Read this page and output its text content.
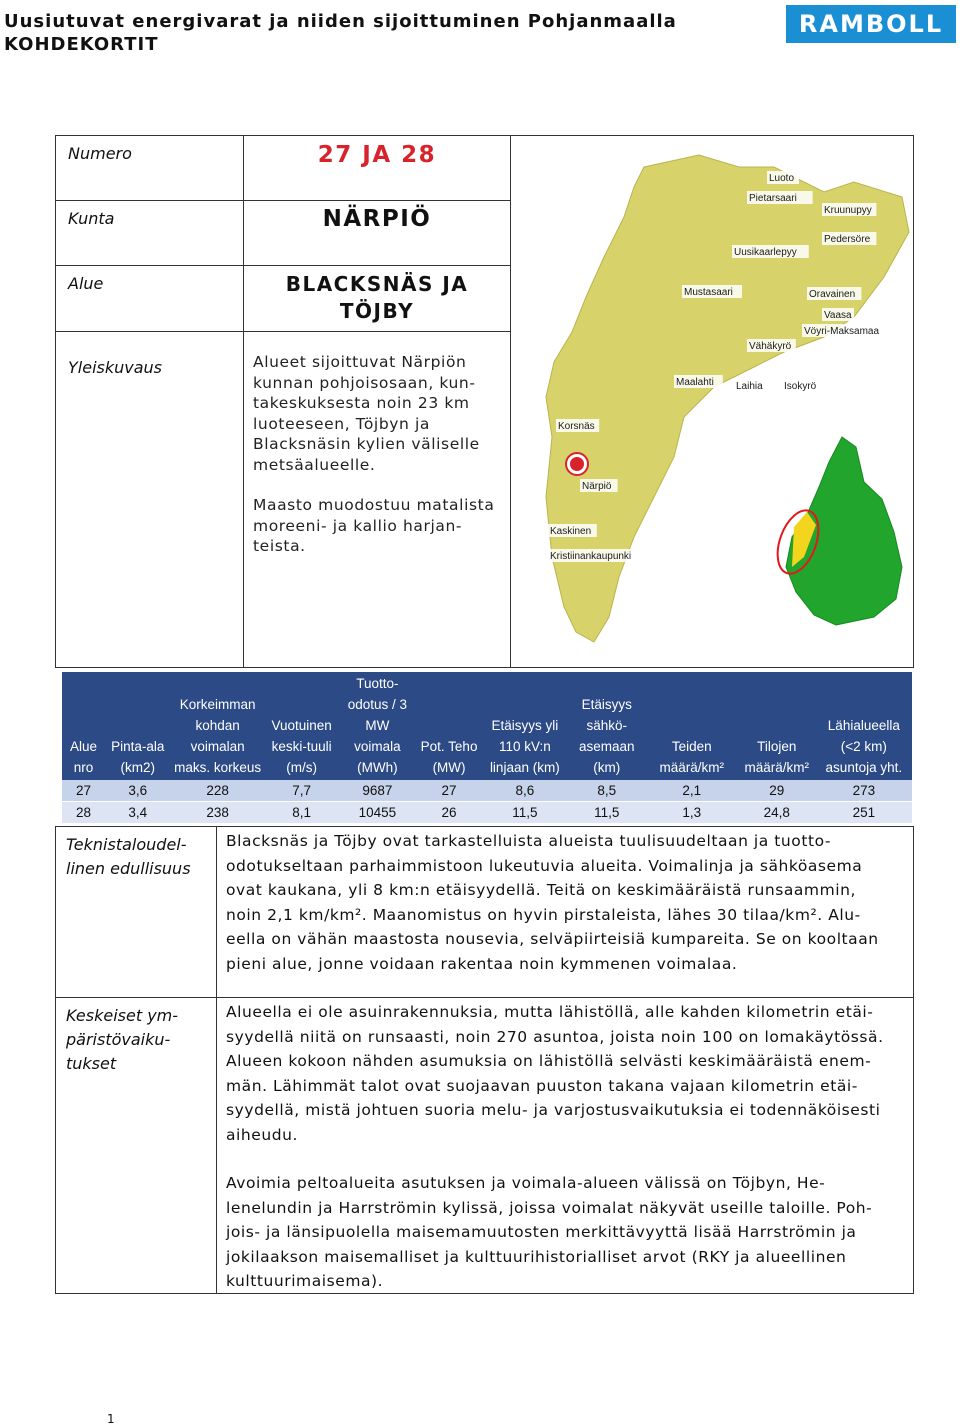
Uusiutuvat energivarat ja niiden sijoittuminen Pohjanmaalla
KOHDEKORTIT
RAMBOLL
Numero	27 JA 28
Kunta	NÄRPIÖ
Alue	BLACKSNÄS JA
TÖJBY
Yleiskuvaus	Alueet sijoittuvat Närpiön
kunnan pohjoisosaan, kun-
takeskuksesta noin 23 km
luoteeseen, Töjbyn ja
Blacksnäsin kylien väliselle
metsäalueelle.
Maasto muodostuu matalista
moreeni- ja kallio harjan-
teista.
Luoto
Pietarsaari
Kruunupyy
Pedersöre
Uusikaarlepyy
Mustasaari	Oravainen
Vaasa
Vöyri-Maksamaa
Vähäkyrö
Maalahti Laihia Isokyrö
Korsnäs
Närpiö
Kaskinen
Kristiinankaupunki
Alue nro	Pinta-ala (km2)	Korkeimman kohdan voimalan maks. korkeus	Vuotuinen keski-tuuli (m/s)	Tuotto-odotus / 3 MW voimala (MWh)	Pot. Teho (MW)	Etäisyys yli 110 kV:n linjaan (km)	Etäisyys sähkö-asemaan (km)	Teiden määrä/km²	Tilojen määrä/km²	Lähialueella (<2 km) asuntoja yht.
27	3,6	228	7,7	9687	27	8,6	8,5	2,1	29	273
28	3,4	238	8,1	10455	26	11,5	11,5	1,3	24,8	251
Teknistaloudel-
linen edullisuus
Blacksnäs ja Töjby ovat tarkastelluista alueista tuulisuudeltaan ja tuotto-
odotukseltaan parhaimmistoon lukeutuvia alueita. Voimalinja ja sähköasema
ovat kaukana, yli 8 km:n etäisyydellä. Teitä on keskimääräistä runsaammin,
noin 2,1 km/km². Maanomistus on hyvin pirstaleista, lähes 30 tilaa/km². Alu-
eella on vähän maastosta nousevia, selväpiirteisiä kumpareita. Se on kooltaan
pieni alue, jonne voidaan rakentaa noin kymmenen voimalaa.
Keskeiset ym-
päristövaiku-
tukset
Alueella ei ole asuinrakennuksia, mutta lähistöllä, alle kahden kilometrin etäi-
syydellä niitä on runsaasti, noin 270 asuntoa, joista noin 100 on lomakäytössä.
Alueen kokoon nähden asumuksia on lähistöllä selvästi keskimääräistä enem-
män. Lähimmät talot ovat suojaavan puuston takana vajaan kilometrin etäi-
syydellä, mistä johtuen suoria melu- ja varjostusvaikutuksia ei todennäköisesti
aiheudu.
Avoimia peltoalueita asutuksen ja voimala-alueen välissä on Töjbyn, He-
lenelundin ja Harrströmin kylissä, joissa voimalat näkyvät useille taloille. Poh-
jois- ja länsipuolella maisemamuutosten merkittävyyttä lisää Harrströmin ja
jokilaakson maisemalliset ja kulttuurihistorialliset arvot (RKY ja alueellinen
kulttuurimaisema).
1
